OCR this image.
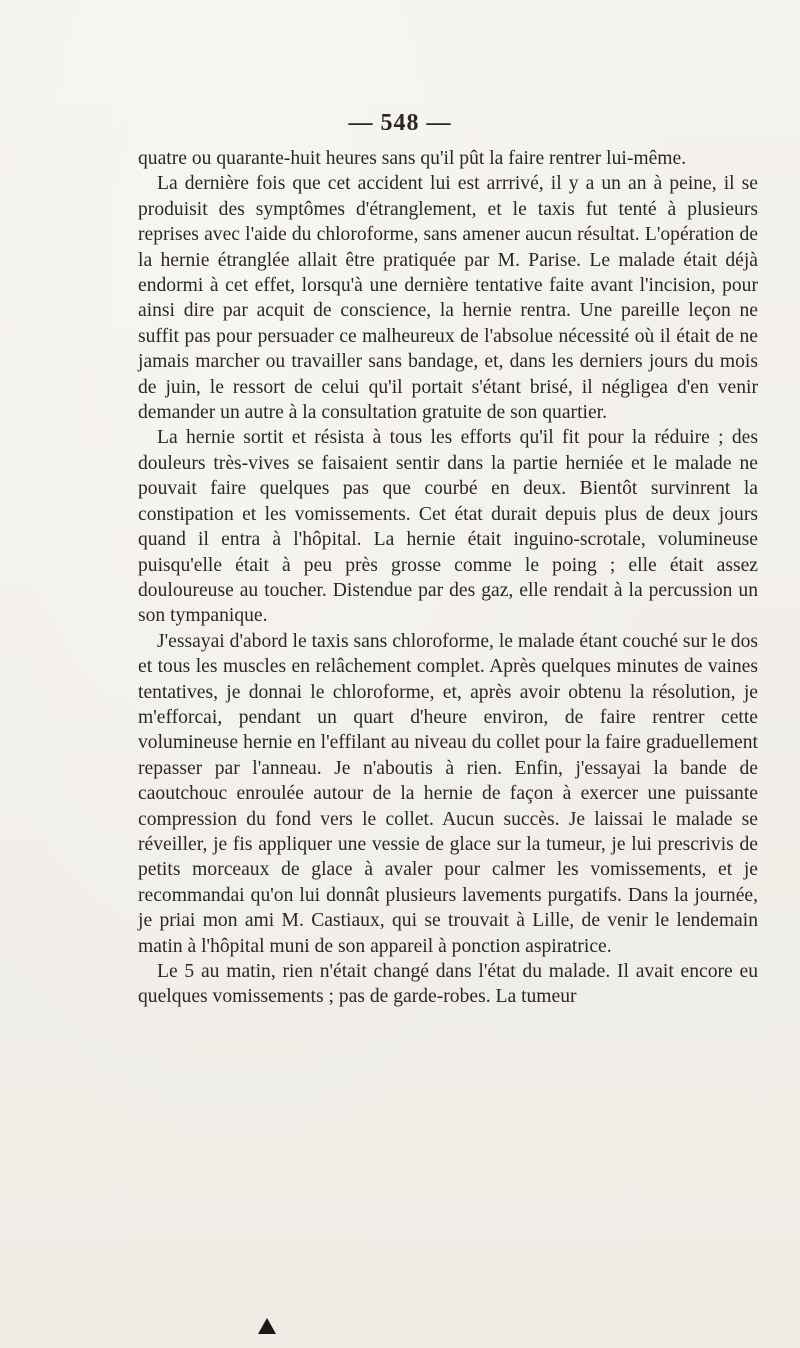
— 548 —

quatre ou quarante-huit heures sans qu'il pût la faire rentrer lui-même.

La dernière fois que cet accident lui est arrrivé, il y a un an à peine, il se produisit des symptômes d'étranglement, et le taxis fut tenté à plusieurs reprises avec l'aide du chloroforme, sans amener aucun résultat. L'opération de la hernie étranglée allait être pratiquée par M. Parise. Le malade était déjà endormi à cet effet, lorsqu'à une dernière tentative faite avant l'incision, pour ainsi dire par acquit de conscience, la hernie rentra. Une pareille leçon ne suffit pas pour persuader ce malheureux de l'absolue nécessité où il était de ne jamais marcher ou travailler sans bandage, et, dans les derniers jours du mois de juin, le ressort de celui qu'il portait s'étant brisé, il négligea d'en venir demander un autre à la consultation gratuite de son quartier.

La hernie sortit et résista à tous les efforts qu'il fit pour la réduire ; des douleurs très-vives se faisaient sentir dans la partie herniée et le malade ne pouvait faire quelques pas que courbé en deux. Bientôt survinrent la constipation et les vomissements. Cet état durait depuis plus de deux jours quand il entra à l'hôpital. La hernie était inguino-scrotale, volumineuse puisqu'elle était à peu près grosse comme le poing ; elle était assez douloureuse au toucher. Distendue par des gaz, elle rendait à la percussion un son tympanique.

J'essayai d'abord le taxis sans chloroforme, le malade étant couché sur le dos et tous les muscles en relâchement complet. Après quelques minutes de vaines tentatives, je donnai le chloroforme, et, après avoir obtenu la résolution, je m'efforcai, pendant un quart d'heure environ, de faire rentrer cette volumineuse hernie en l'effilant au niveau du collet pour la faire graduellement repasser par l'anneau. Je n'aboutis à rien. Enfin, j'essayai la bande de caoutchouc enroulée autour de la hernie de façon à exercer une puissante compression du fond vers le collet. Aucun succès. Je laissai le malade se réveiller, je fis appliquer une vessie de glace sur la tumeur, je lui prescrivis de petits morceaux de glace à avaler pour calmer les vomissements, et je recommandai qu'on lui donnât plusieurs lavements purgatifs. Dans la journée, je priai mon ami M. Castiaux, qui se trouvait à Lille, de venir le lendemain matin à l'hôpital muni de son appareil à ponction aspiratrice.

Le 5 au matin, rien n'était changé dans l'état du malade. Il avait encore eu quelques vomissements ; pas de garde-robes. La tumeur
